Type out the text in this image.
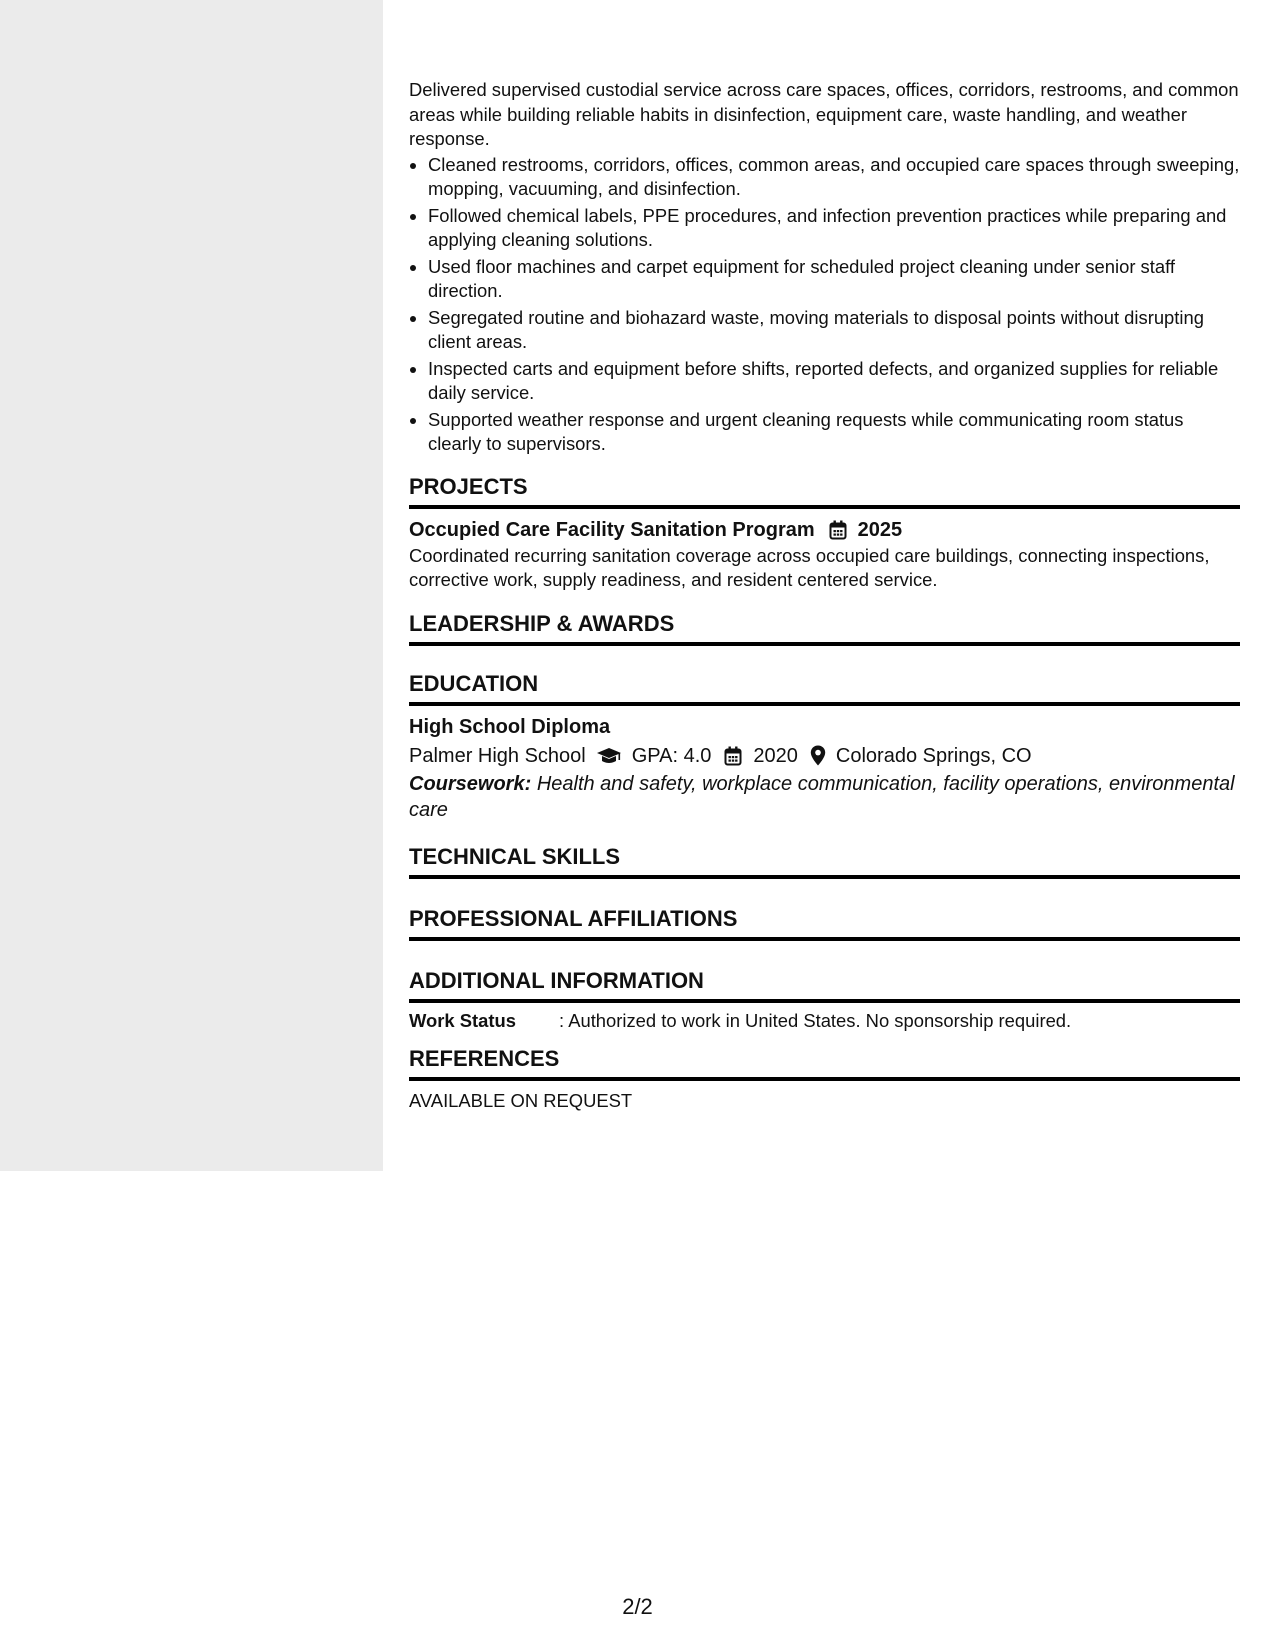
Delivered supervised custodial service across care spaces, offices, corridors, restrooms, and common areas while building reliable habits in disinfection, equipment care, waste handling, and weather response.

• Cleaned restrooms, corridors, offices, common areas, and occupied care spaces through sweeping, mopping, vacuuming, and disinfection.
• Followed chemical labels, PPE procedures, and infection prevention practices while preparing and applying cleaning solutions.
• Used floor machines and carpet equipment for scheduled project cleaning under senior staff direction.
• Segregated routine and biohazard waste, moving materials to disposal points without disrupting client areas.
• Inspected carts and equipment before shifts, reported defects, and organized supplies for reliable daily service.
• Supported weather response and urgent cleaning requests while communicating room status clearly to supervisors.
PROJECTS
Occupied Care Facility Sanitation Program 2025

Coordinated recurring sanitation coverage across occupied care buildings, connecting inspections, corrective work, supply readiness, and resident centered service.

LEADERSHIP & AWARDS
EDUCATION
High School Diploma
Palmer High School GPA: 4.0 2020 Colorado Springs, CO

Coursework: Health and safety, workplace communication, facility operations, environmental care

TECHNICAL SKILLS
PROFESSIONAL AFFILIATIONS
ADDITIONAL INFORMATION
Work Status	: Authorized to work in United States. No sponsorship required.
REFERENCES
AVAILABLE ON REQUEST
2/2
